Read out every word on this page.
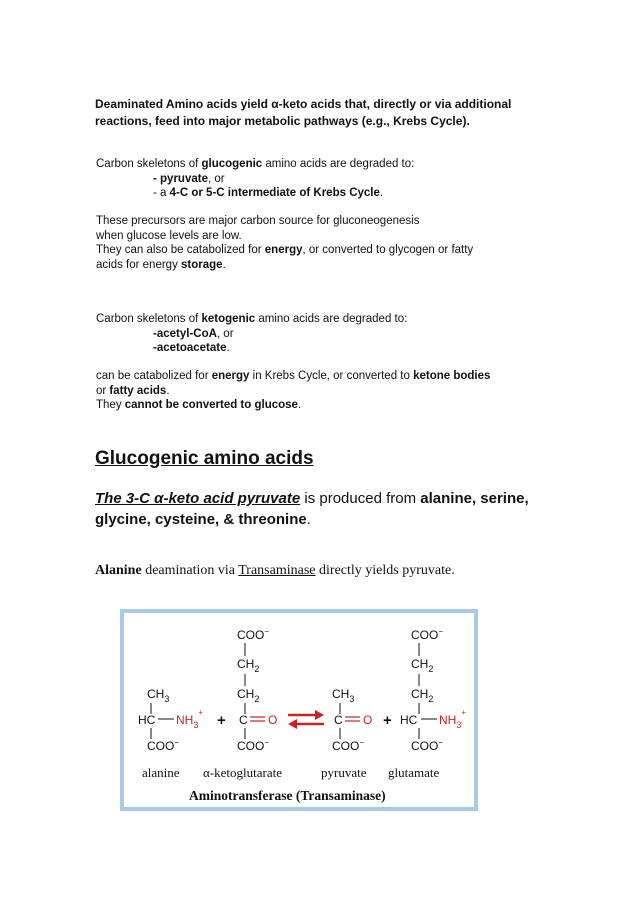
Deaminated Amino acids yield α-keto acids that, directly or via additional reactions, feed into major metabolic pathways (e.g., Krebs Cycle).
Carbon skeletons of glucogenic amino acids are degraded to:
- pyruvate, or
- a 4-C or 5-C intermediate of Krebs Cycle.
These precursors are major carbon source for gluconeogenesis
when glucose levels are low.
They can also be catabolized for energy, or converted to glycogen or fatty
acids for energy storage.
Carbon skeletons of ketogenic amino acids are degraded to:
-acetyl-CoA, or
-acetoacetate.
can be catabolized for energy in Krebs Cycle, or converted to ketone bodies
or fatty acids.
They cannot be converted to glucose.
Glucogenic amino acids
The 3-C α-keto acid pyruvate is produced from alanine, serine, glycine, cysteine, & threonine.
Alanine deamination via Transaminase directly yields pyruvate.
COO−
$CH_2$
$CH_2$
C O
COO−
$CH_3$
HC $NH_3^+$
COO−
+
$CH_3$
C O
COO−
+
COO−
$CH_2$
$CH_2$
HC $NH_3^+$
COO−
alanine α-ketoglutarate	pyruvate glutamate
Aminotransferase (Transaminase)
